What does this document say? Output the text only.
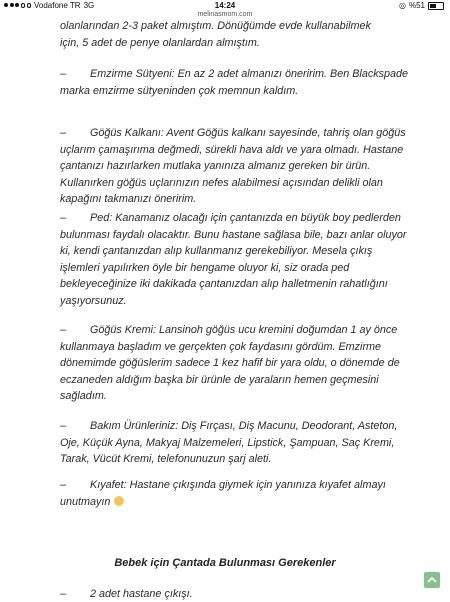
Vodafone TR 3G	14:24	◎ %51
melinasmom.com
olanlarından 2-3 paket almıştım. Dönüğümde evde kullanabilmek
için, 5 adet de penye olanlardan almıştım.
– Emzirme Sütyeni: En az 2 adet almanızı öneririm. Ben Blackspade
marka emzirme sütyeninden çok memnun kaldım.
– Göğüs Kalkanı: Avent Göğüs kalkanı sayesinde, tahriş olan göğüs
uçlarım çamaşırıma değmedi, sürekli hava aldı ve yara olmadı. Hastane
çantanızı hazırlarken mutlaka yanınıza almanız gereken bir ürün.
Kullanırken göğüs uçlarınızın nefes alabilmesi açısından delikli olan
kapağını takmanızı öneririm.
– Ped: Kanamanız olacağı için çantanızda en büyük boy pedlerden
bulunması faydalı olacaktır. Bunu hastane sağlasa bile, bazı anlar oluyor
ki, kendi çantanızdan alıp kullanmanız gerekebiliyor. Mesela çıkış
işlemleri yapılırken öyle bir hengame oluyor ki, siz orada ped
bekleyeceğinize iki dakikada çantanızdan alıp halletmenin rahatlığını
yaşıyorsunuz.
– Göğüs Kremi: Lansinoh göğüs ucu kremini doğumdan 1 ay önce
kullanmaya başladım ve gerçekten çok faydasını gördüm. Emzirme
dönemimde göğüslerim sadece 1 kez hafif bir yara oldu, o dönemde de
eczaneden aldığım başka bir ürünle de yaraların hemen geçmesini
sağladım.
– Bakım Ürünleriniz: Diş Fırçası, Diş Macunu, Deodorant, Asteton,
Oje, Küçük Ayna, Makyaj Malzemeleri, Lipstick, Şampuan, Saç Kremi,
Tarak, Vücüt Kremi, telefonunuzun şarj aleti.
– Kıyafet: Hastane çıkışında giymek için yanınıza kıyafet almayı
unutmayın
Bebek için Çantada Bulunması Gerekenler
– 2 adet hastane çıkışı.
